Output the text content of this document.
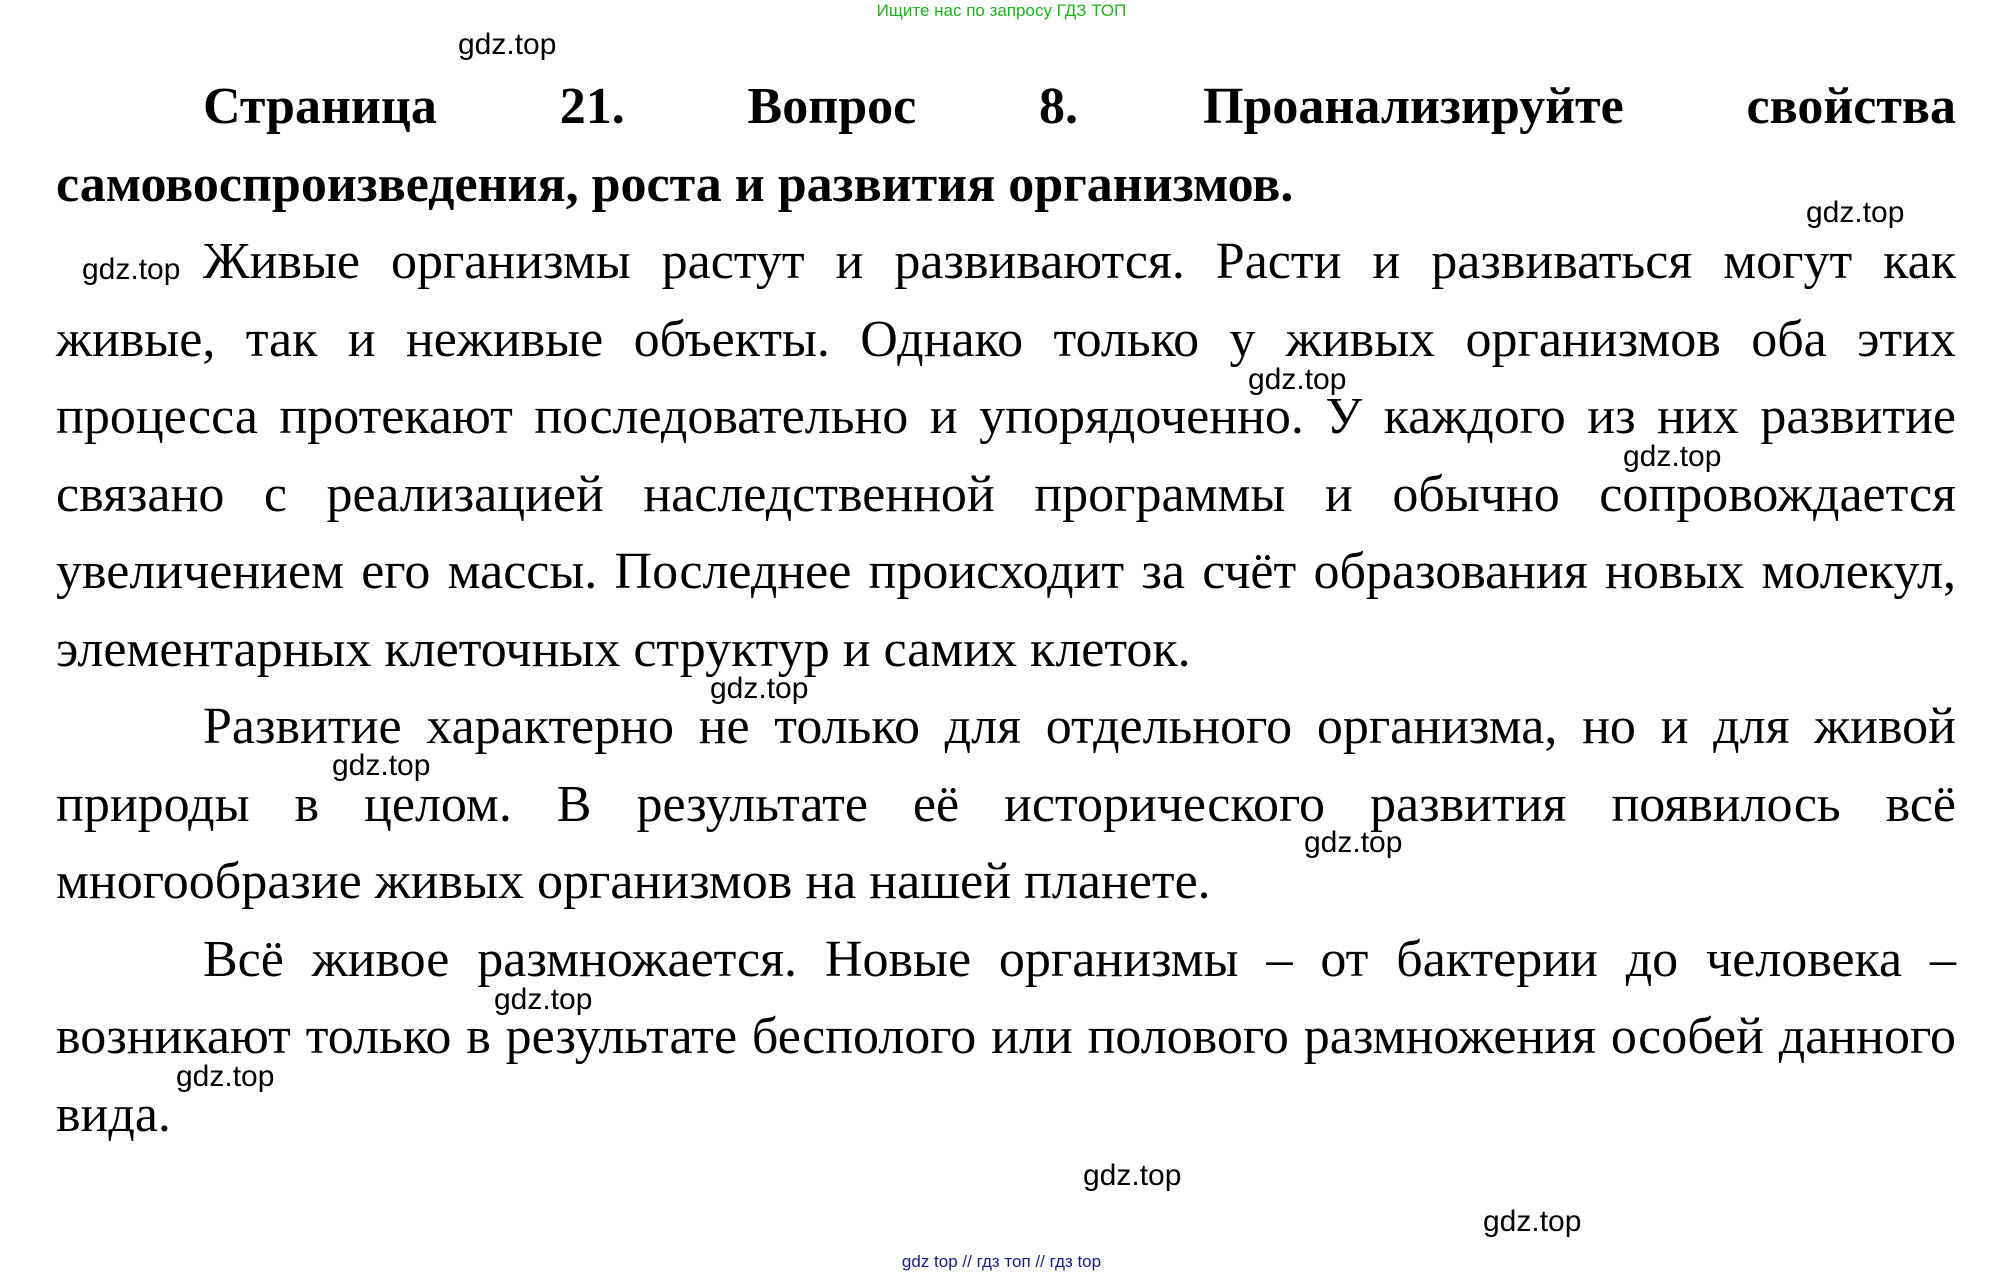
Ищите нас по запросу ГДЗ ТОП

Страница 21. Вопрос 8. Проанализируйте свойства самовоспроизведения, роста и развития организмов.

Живые организмы растут и развиваются. Расти и развиваться могут как живые, так и неживые объекты. Однако только у живых организмов оба этих процесса протекают последовательно и упорядоченно. У каждого из них развитие связано с реализацией наследственной программы и обычно сопровождается увеличением его массы. Последнее происходит за счёт образования новых молекул, элементарных клеточных структур и самих клеток.

Развитие характерно не только для отдельного организма, но и для живой природы в целом. В результате её исторического развития появилось всё многообразие живых организмов на нашей планете.

Всё живое размножается. Новые организмы – от бактерии до человека – возникают только в результате бесполого или полового размножения особей данного вида.

gdz.top
gdz.top
gdz.top
gdz.top
gdz.top
gdz.top
gdz.top
gdz.top
gdz.top
gdz.top
gdz.top
gdz.top
gdz top // гдз топ // гдз top
